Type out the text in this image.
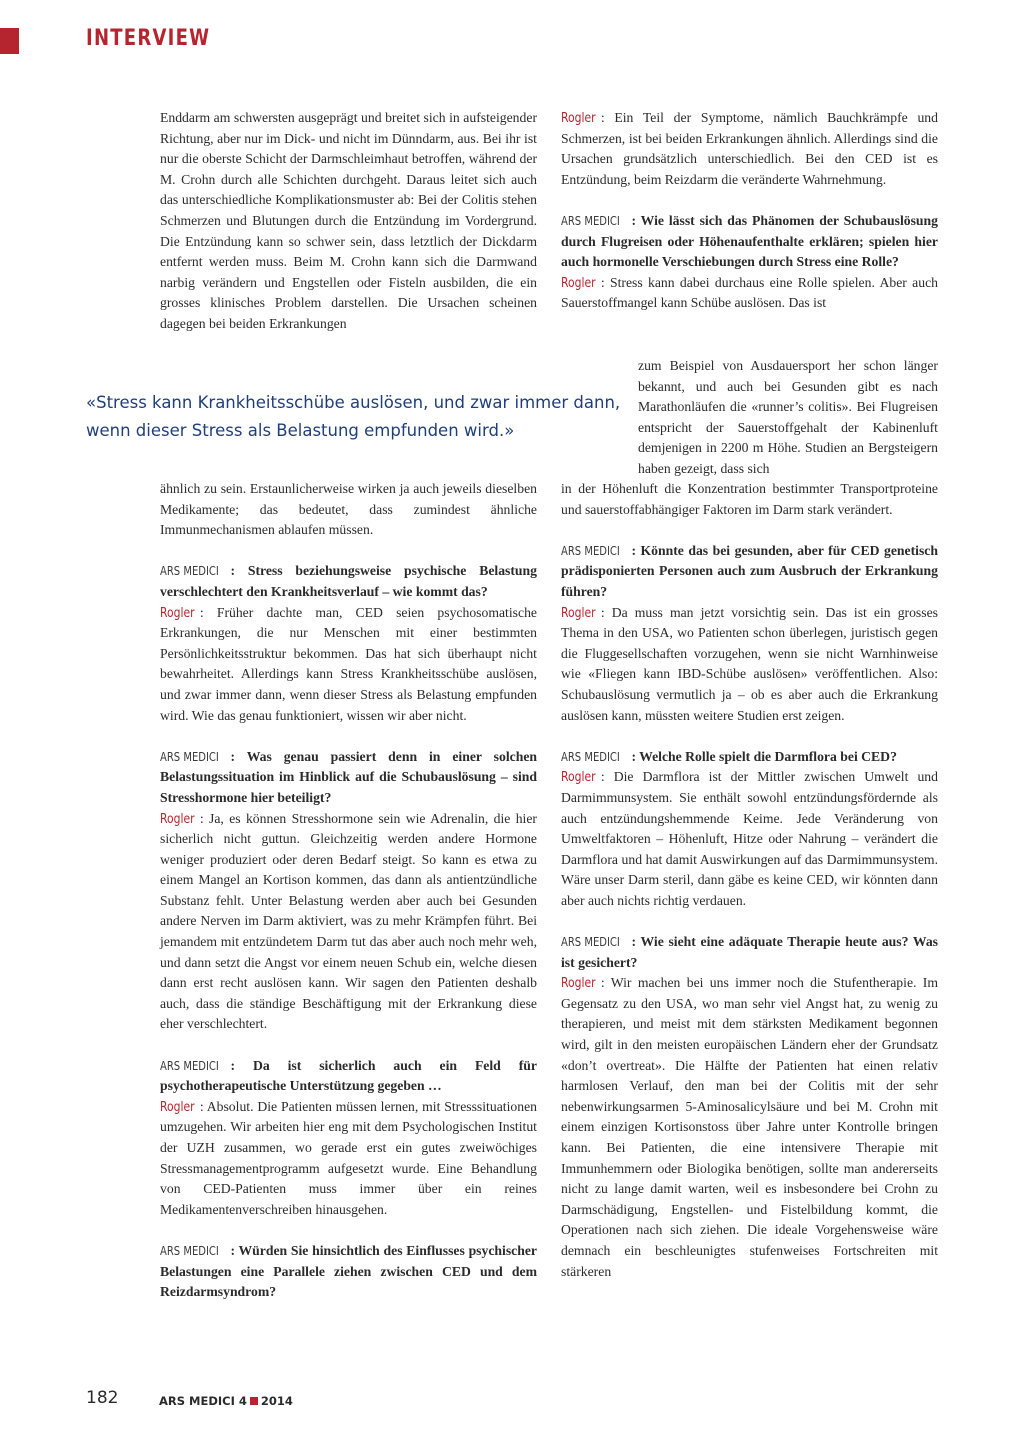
INTERVIEW

Enddarm am schwersten ausgeprägt und breitet sich in aufsteigender Richtung, aber nur im Dick- und nicht im Dünndarm, aus. Bei ihr ist nur die oberste Schicht der Darmschleimhaut betroffen, während der M. Crohn durch alle Schichten durchgeht. Daraus leitet sich auch das unterschiedliche Komplikationsmuster ab: Bei der Colitis stehen Schmerzen und Blutungen durch die Entzündung im Vordergrund. Die Entzündung kann so schwer sein, dass letztlich der Dickdarm entfernt werden muss. Beim M. Crohn kann sich die Darmwand narbig verändern und Engstellen oder Fisteln ausbilden, die ein grosses klinisches Problem darstellen. Die Ursachen scheinen dagegen bei beiden Erkrankungen

«Stress kann Krankheitsschübe auslösen, und zwar immer dann, wenn dieser Stress als Belastung empfunden wird.»

ähnlich zu sein. Erstaunlicherweise wirken ja auch jeweils dieselben Medikamente; das bedeutet, dass zumindest ähnliche Immunmechanismen ablaufen müssen.

ARS MEDICI : Stress beziehungsweise psychische Belastung verschlechtert den Krankheitsverlauf – wie kommt das?

Rogler : Früher dachte man, CED seien psychosomatische Erkrankungen, die nur Menschen mit einer bestimmten Persönlichkeitsstruktur bekommen. Das hat sich überhaupt nicht bewahrheitet. Allerdings kann Stress Krankheitsschübe auslösen, und zwar immer dann, wenn dieser Stress als Belastung empfunden wird. Wie das genau funktioniert, wissen wir aber nicht.

ARS MEDICI : Was genau passiert denn in einer solchen Belastungssituation im Hinblick auf die Schubauslösung – sind Stresshormone hier beteiligt?

Rogler : Ja, es können Stresshormone sein wie Adrenalin, die hier sicherlich nicht guttun. Gleichzeitig werden andere Hormone weniger produziert oder deren Bedarf steigt. So kann es etwa zu einem Mangel an Kortison kommen, das dann als antientzündliche Substanz fehlt. Unter Belastung werden aber auch bei Gesunden andere Nerven im Darm aktiviert, was zu mehr Krämpfen führt. Bei jemandem mit entzündetem Darm tut das aber auch noch mehr weh, und dann setzt die Angst vor einem neuen Schub ein, welche diesen dann erst recht auslösen kann. Wir sagen den Patienten deshalb auch, dass die ständige Beschäftigung mit der Erkrankung diese eher verschlechtert.

ARS MEDICI : Da ist sicherlich auch ein Feld für psychotherapeutische Unterstützung gegeben …

Rogler : Absolut. Die Patienten müssen lernen, mit Stresssituationen umzugehen. Wir arbeiten hier eng mit dem Psychologischen Institut der UZH zusammen, wo gerade erst ein gutes zweiwöchiges Stressmanagementprogramm aufgesetzt wurde. Eine Behandlung von CED-Patienten muss immer über ein reines Medikamentenverschreiben hinausgehen.

ARS MEDICI : Würden Sie hinsichtlich des Einflusses psychischer Belastungen eine Parallele ziehen zwischen CED und dem Reizdarmsyndrom?

Rogler : Ein Teil der Symptome, nämlich Bauchkrämpfe und Schmerzen, ist bei beiden Erkrankungen ähnlich. Allerdings sind die Ursachen grundsätzlich unterschiedlich. Bei den CED ist es Entzündung, beim Reizdarm die veränderte Wahrnehmung.

ARS MEDICI : Wie lässt sich das Phänomen der Schubauslösung durch Flugreisen oder Höhenaufenthalte erklären; spielen hier auch hormonelle Verschiebungen durch Stress eine Rolle?

Rogler : Stress kann dabei durchaus eine Rolle spielen. Aber auch Sauerstoffmangel kann Schübe auslösen. Das ist

zum Beispiel von Ausdauersport her schon länger bekannt, und auch bei Gesunden gibt es nach Marathonläufen die «runner’s colitis». Bei Flugreisen entspricht der Sauerstoffgehalt der Kabinenluft demjenigen in 2200 m Höhe. Studien an Bergsteigern haben gezeigt, dass sich

in der Höhenluft die Konzentration bestimmter Transportproteine und sauerstoffabhängiger Faktoren im Darm stark verändert.

ARS MEDICI : Könnte das bei gesunden, aber für CED genetisch prädisponierten Personen auch zum Ausbruch der Erkrankung führen?

Rogler : Da muss man jetzt vorsichtig sein. Das ist ein grosses Thema in den USA, wo Patienten schon überlegen, juristisch gegen die Fluggesellschaften vorzugehen, wenn sie nicht Warnhinweise wie «Fliegen kann IBD-Schübe auslösen» veröffentlichen. Also: Schubauslösung vermutlich ja – ob es aber auch die Erkrankung auslösen kann, müssten weitere Studien erst zeigen.

ARS MEDICI : Welche Rolle spielt die Darmflora bei CED?

Rogler : Die Darmflora ist der Mittler zwischen Umwelt und Darmimmunsystem. Sie enthält sowohl entzündungsfördernde als auch entzündungshemmende Keime. Jede Veränderung von Umweltfaktoren – Höhenluft, Hitze oder Nahrung – verändert die Darmflora und hat damit Auswirkungen auf das Darmimmunsystem. Wäre unser Darm steril, dann gäbe es keine CED, wir könnten dann aber auch nichts richtig verdauen.

ARS MEDICI : Wie sieht eine adäquate Therapie heute aus? Was ist gesichert?

Rogler : Wir machen bei uns immer noch die Stufentherapie. Im Gegensatz zu den USA, wo man sehr viel Angst hat, zu wenig zu therapieren, und meist mit dem stärksten Medikament begonnen wird, gilt in den meisten europäischen Ländern eher der Grundsatz «don’t overtreat». Die Hälfte der Patienten hat einen relativ harmlosen Verlauf, den man bei der Colitis mit der sehr nebenwirkungsarmen 5-Aminosalicylsäure und bei M. Crohn mit einem einzigen Kortisonstoss über Jahre unter Kontrolle bringen kann. Bei Patienten, die eine intensivere Therapie mit Immunhemmern oder Biologika benötigen, sollte man andererseits nicht zu lange damit warten, weil es insbesondere bei Crohn zu Darmschädigung, Engstellen- und Fistelbildung kommt, die Operationen nach sich ziehen. Die ideale Vorgehensweise wäre demnach ein beschleunigtes stufenweises Fortschreiten mit stärkeren

182	ARS MEDICI 4 2014
